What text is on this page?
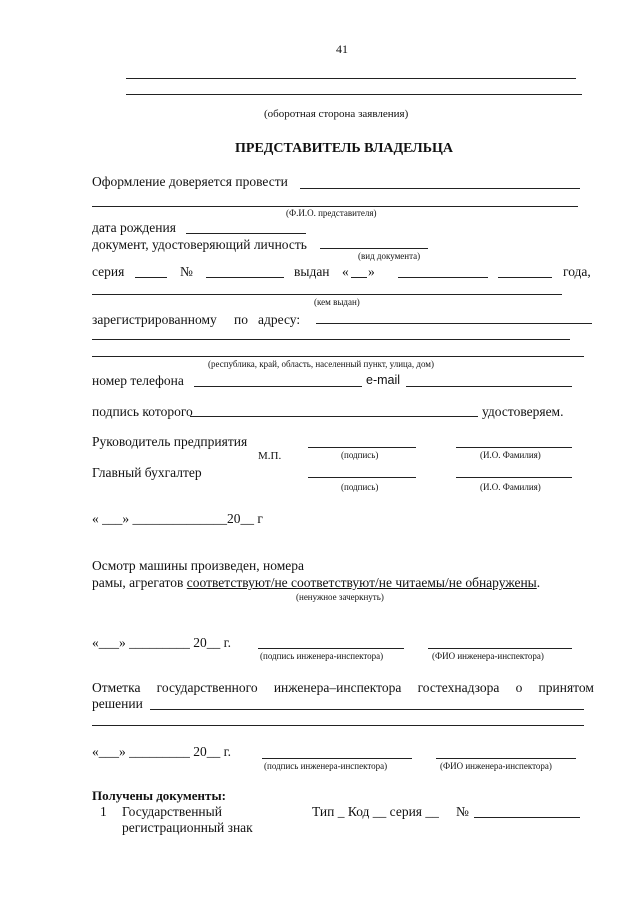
41
(оборотная сторона заявления)
ПРЕДСТАВИТЕЛЬ ВЛАДЕЛЬЦА
Оформление доверяется провести
(Ф.И.О. представителя)
дата рождения
документ, удостоверяющий личность
(вид документа)
серия	№	выдан « »	года,
(кем выдан)
зарегистрированному по адресу:
(республика, край, область, населенный пункт, улица, дом)
номер телефона	e-mail
подпись которого	удостоверяем.
Руководитель предприятия
М.П.	(подпись)	(И.О. Фамилия)
Главный бухгалтер
(подпись)	(И.О. Фамилия)
« ___» ______________20__ г
Осмотр машины произведен, номера
рамы, агрегатов соответствуют/не соответствуют/не читаемы/не обнаружены.
(ненужное зачеркнуть)
«___» _________ 20__ г.
(подпись инженера-инспектора)	(ФИО инженера-инспектора)
Отметка государственного инженера–инспектора гостехнадзора о принятом
решении
«___» _________ 20__ г.
(подпись инженера-инспектора)	(ФИО инженера-инспектора)
Получены документы:
1 Государственный
регистрационный знак
Тип _ Код __ серия __ №
